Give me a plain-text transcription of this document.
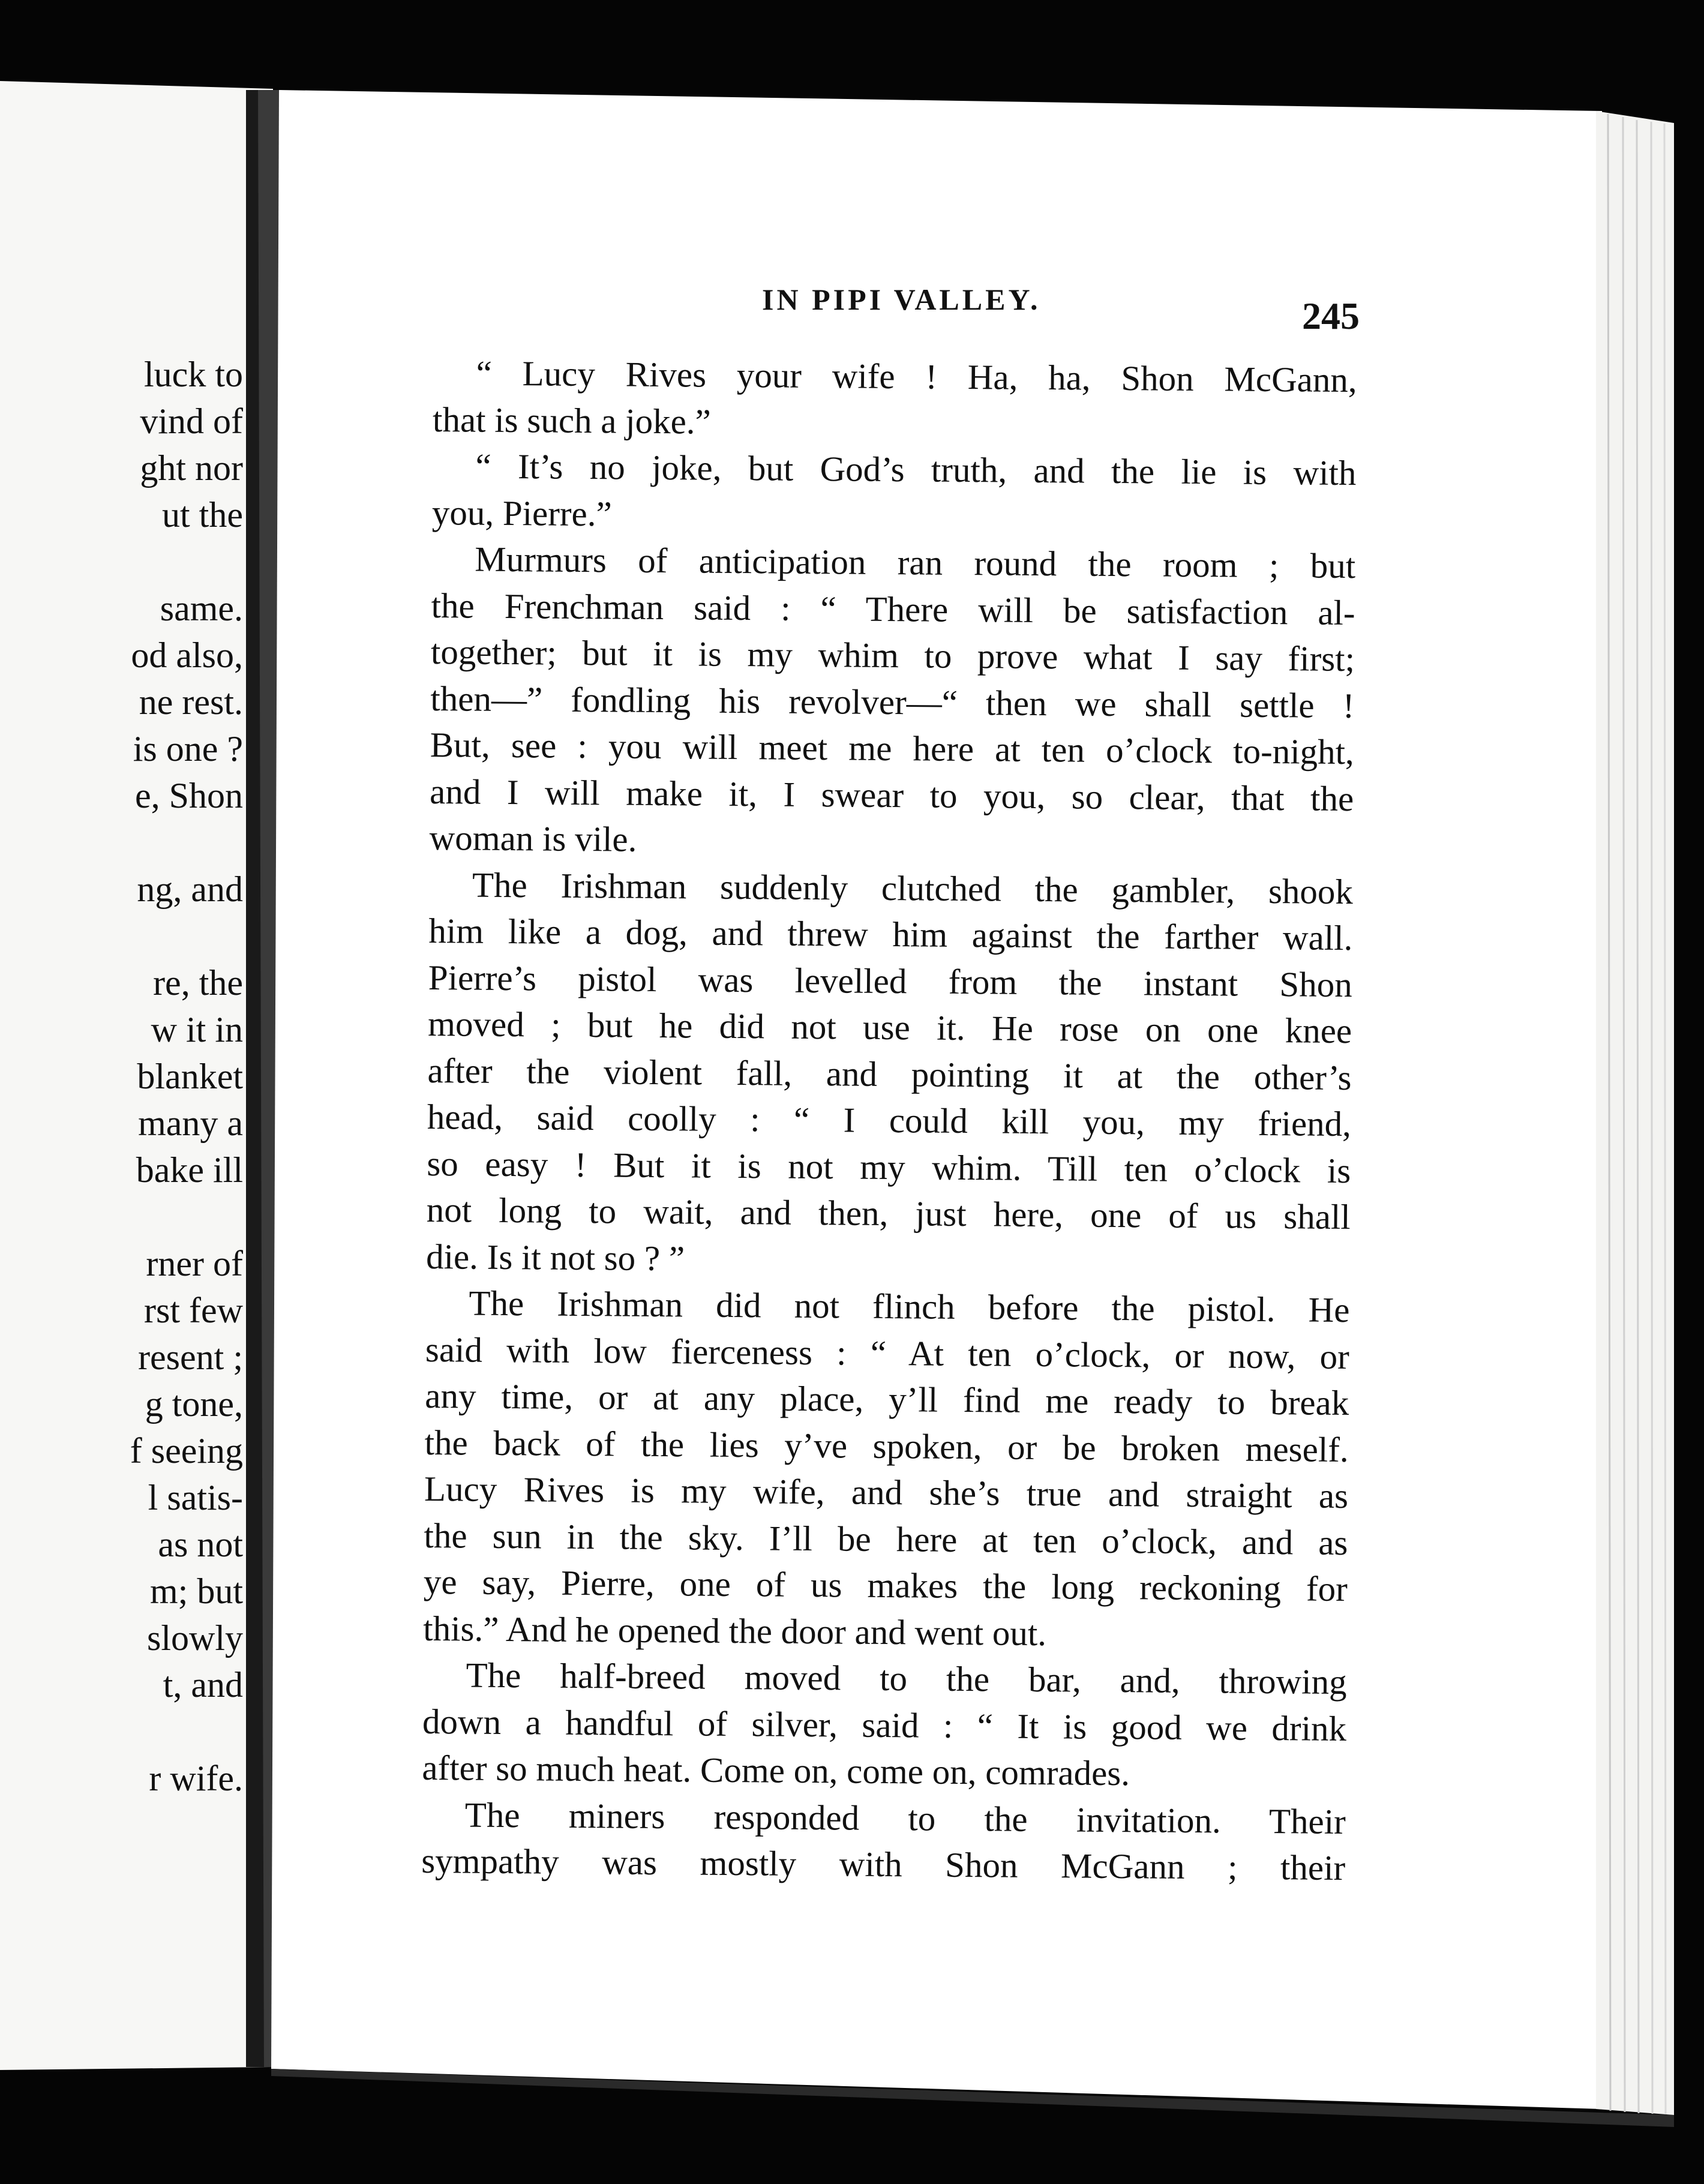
luck to
vind of
ght nor
ut the
same.
od also,
ne rest.
is one ?
e, Shon
ng, and
re, the
w it in
blanket
many a
bake ill
rner of
rst few
resent ;
g tone,
f seeing
l satis-
as not
m; but
slowly
t, and
r wife.
IN PIPI VALLEY.	245
“ Lucy Rives your wife ! Ha, ha, Shon McGann,
that is such a joke.”
“ It’s no joke, but God’s truth, and the lie is with
you, Pierre.”
Murmurs of anticipation ran round the room ; but
the Frenchman said : “ There will be satisfaction al-
together; but it is my whim to prove what I say first;
then—” fondling his revolver—“ then we shall settle !
But, see : you will meet me here at ten o’clock to-night,
and I will make it, I swear to you, so clear, that the
woman is vile.
The Irishman suddenly clutched the gambler, shook
him like a dog, and threw him against the farther wall.
Pierre’s pistol was levelled from the instant Shon
moved ; but he did not use it. He rose on one knee
after the violent fall, and pointing it at the other’s
head, said coolly : “ I could kill you, my friend,
so easy ! But it is not my whim. Till ten o’clock is
not long to wait, and then, just here, one of us shall
die. Is it not so ? ”
The Irishman did not flinch before the pistol. He
said with low fierceness : “ At ten o’clock, or now, or
any time, or at any place, y’ll find me ready to break
the back of the lies y’ve spoken, or be broken meself.
Lucy Rives is my wife, and she’s true and straight as
the sun in the sky. I’ll be here at ten o’clock, and as
ye say, Pierre, one of us makes the long reckoning for
this.” And he opened the door and went out.
The half-breed moved to the bar, and, throwing
down a handful of silver, said : “ It is good we drink
after so much heat. Come on, come on, comrades.
The miners responded to the invitation. Their
sympathy was mostly with Shon McGann ; their
